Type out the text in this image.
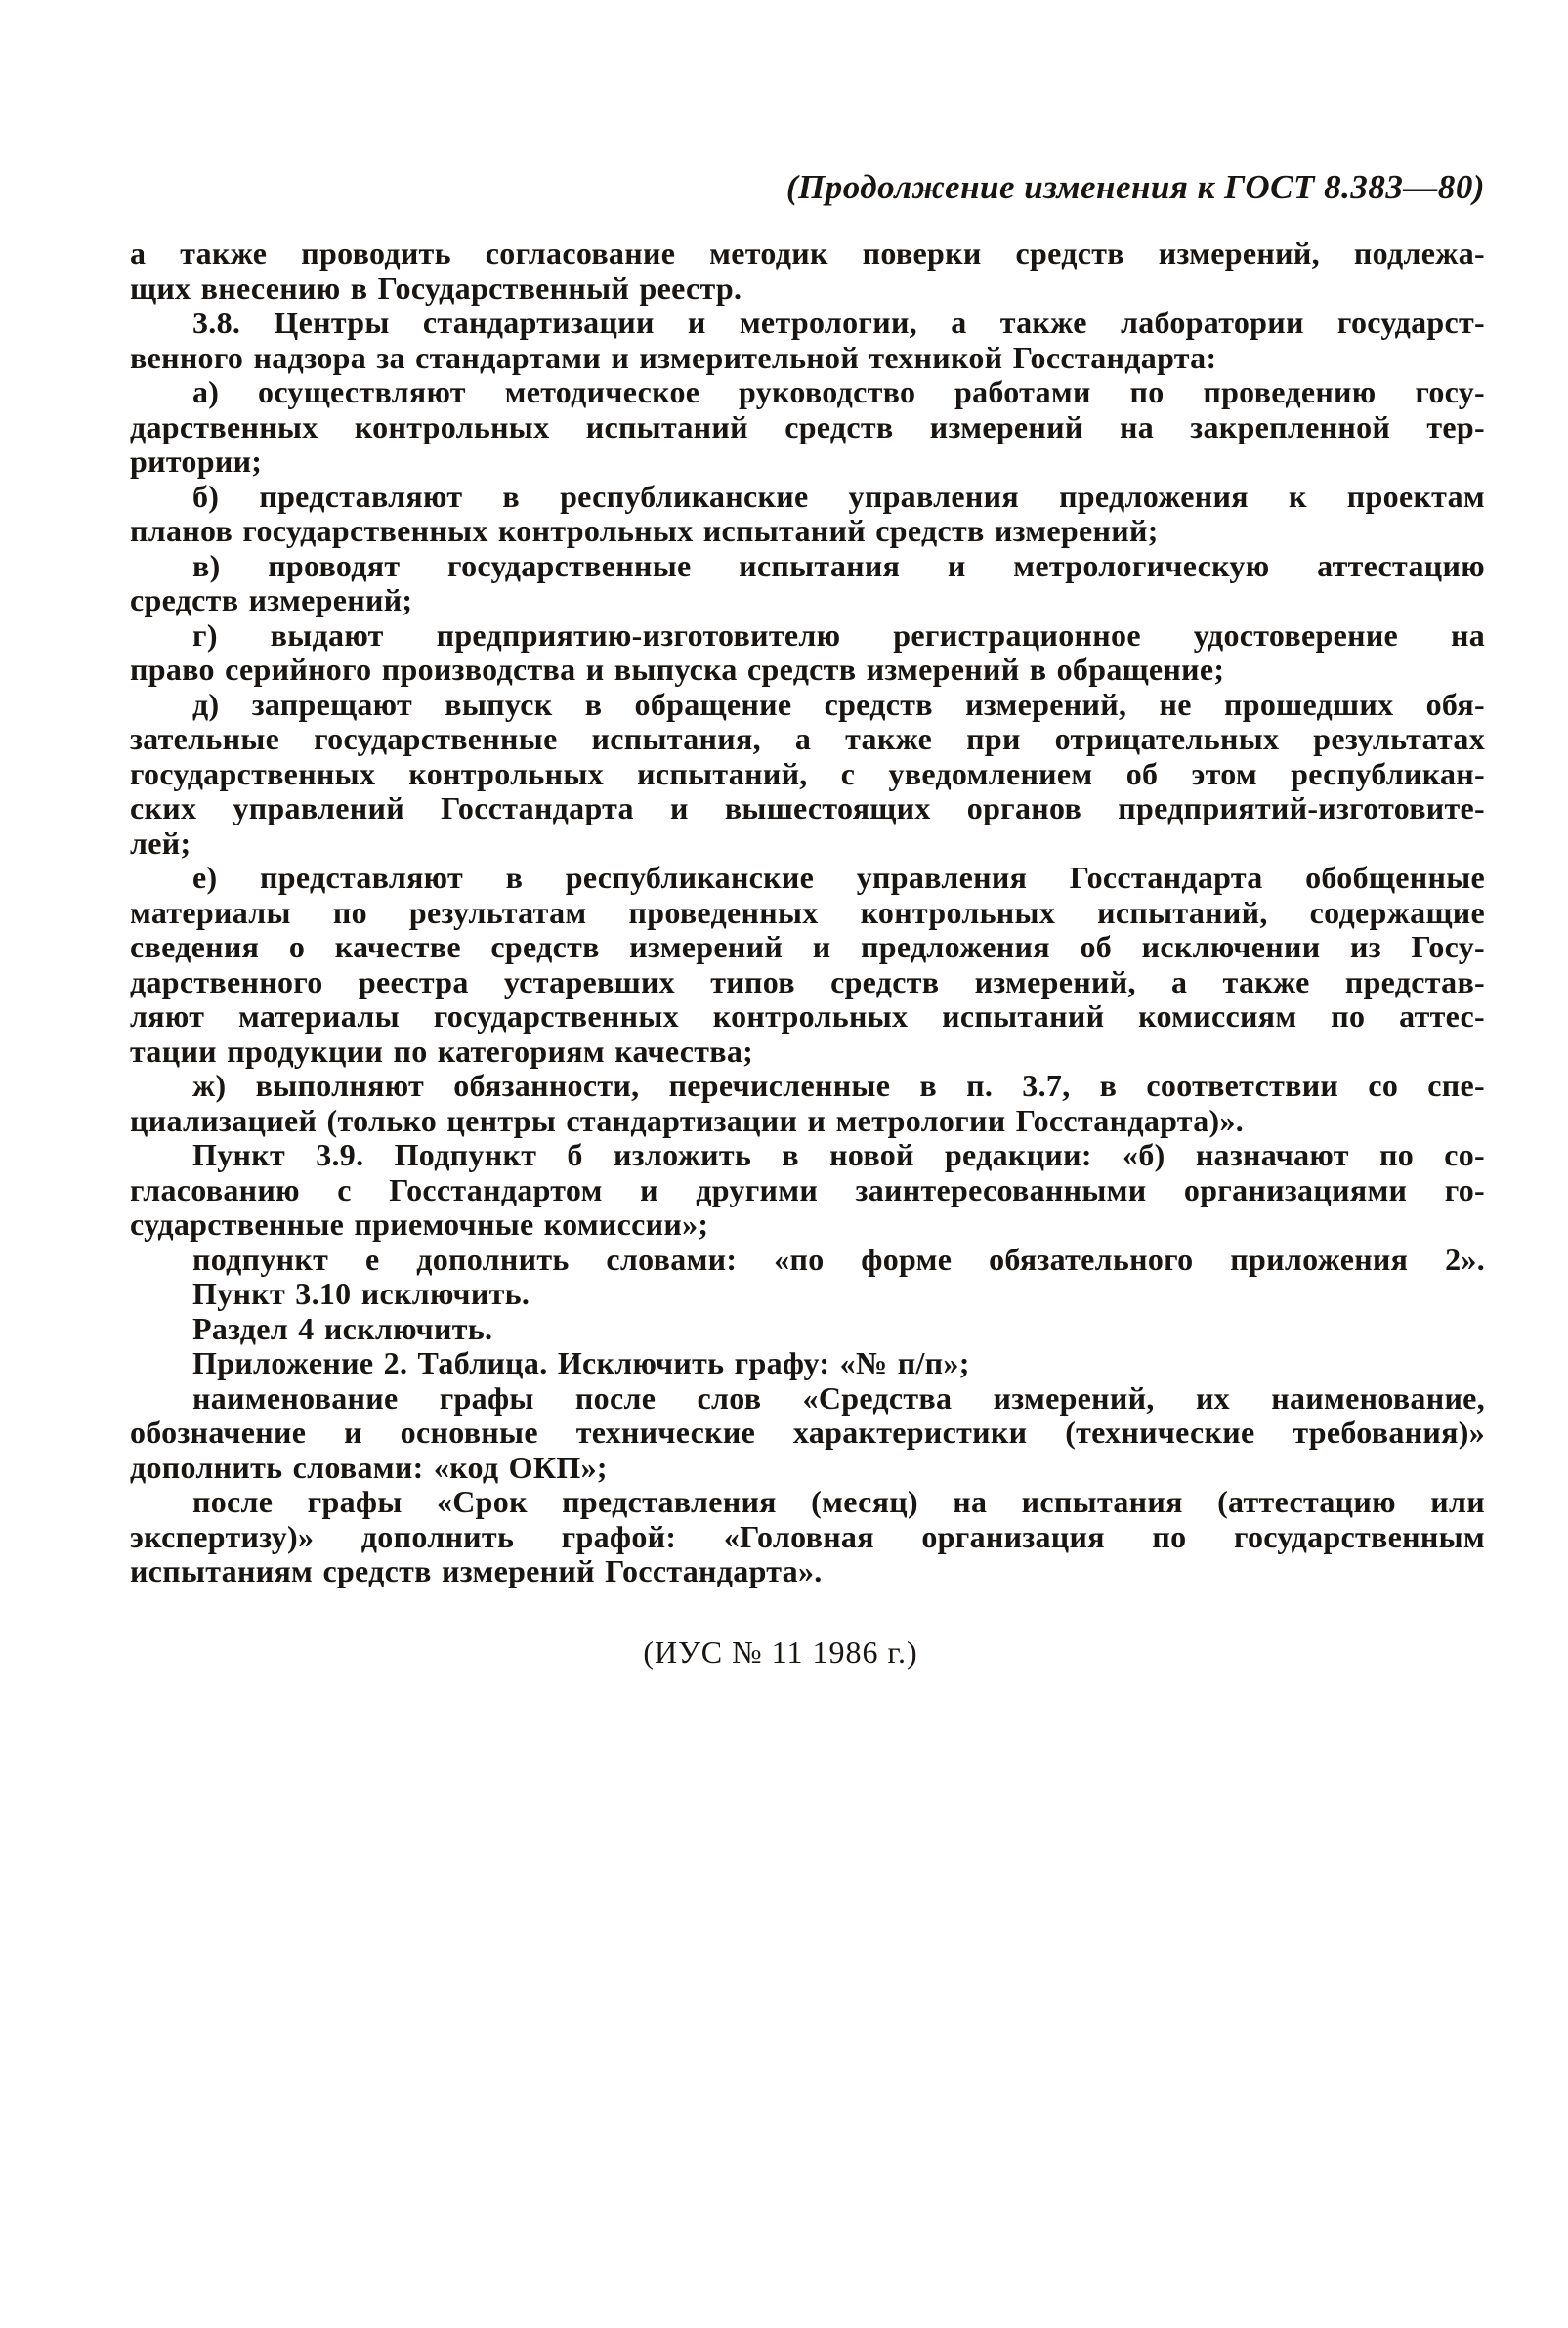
(Продолжение изменения к ГОСТ 8.383—80)
а также проводить согласование методик поверки средств измерений, подлежа-
щих внесению в Государственный реестр.
3.8. Центры стандартизации и метрологии, а также лаборатории государст-
венного надзора за стандартами и измерительной техникой Госстандарта:
а) осуществляют методическое руководство работами по проведению госу-
дарственных контрольных испытаний средств измерений на закрепленной тер-
ритории;
б) представляют в республиканские управления предложения к проектам
планов государственных контрольных испытаний средств измерений;
в) проводят государственные испытания и метрологическую аттестацию
средств измерений;
г) выдают предприятию-изготовителю регистрационное удостоверение на
право серийного производства и выпуска средств измерений в обращение;
д) запрещают выпуск в обращение средств измерений, не прошедших обя-
зательные государственные испытания, а также при отрицательных результатах
государственных контрольных испытаний, с уведомлением об этом республикан-
ских управлений Госстандарта и вышестоящих органов предприятий-изготовите-
лей;
е) представляют в республиканские управления Госстандарта обобщенные
материалы по результатам проведенных контрольных испытаний, содержащие
сведения о качестве средств измерений и предложения об исключении из Госу-
дарственного реестра устаревших типов средств измерений, а также представ-
ляют материалы государственных контрольных испытаний комиссиям по аттес-
тации продукции по категориям качества;
ж) выполняют обязанности, перечисленные в п. 3.7, в соответствии со спе-
циализацией (только центры стандартизации и метрологии Госстандарта)».
Пункт 3.9. Подпункт б изложить в новой редакции: «б) назначают по со-
гласованию с Госстандартом и другими заинтересованными организациями го-
сударственные приемочные комиссии»;
подпункт е дополнить словами: «по форме обязательного приложения 2».
Пункт 3.10 исключить.
Раздел 4 исключить.
Приложение 2. Таблица. Исключить графу: «№ п/п»;
наименование графы после слов «Средства измерений, их наименование,
обозначение и основные технические характеристики (технические требования)»
дополнить словами: «код ОКП»;
после графы «Срок представления (месяц) на испытания (аттестацию или
экспертизу)» дополнить графой: «Головная организация по государственным
испытаниям средств измерений Госстандарта».
(ИУС № 11 1986 г.)
